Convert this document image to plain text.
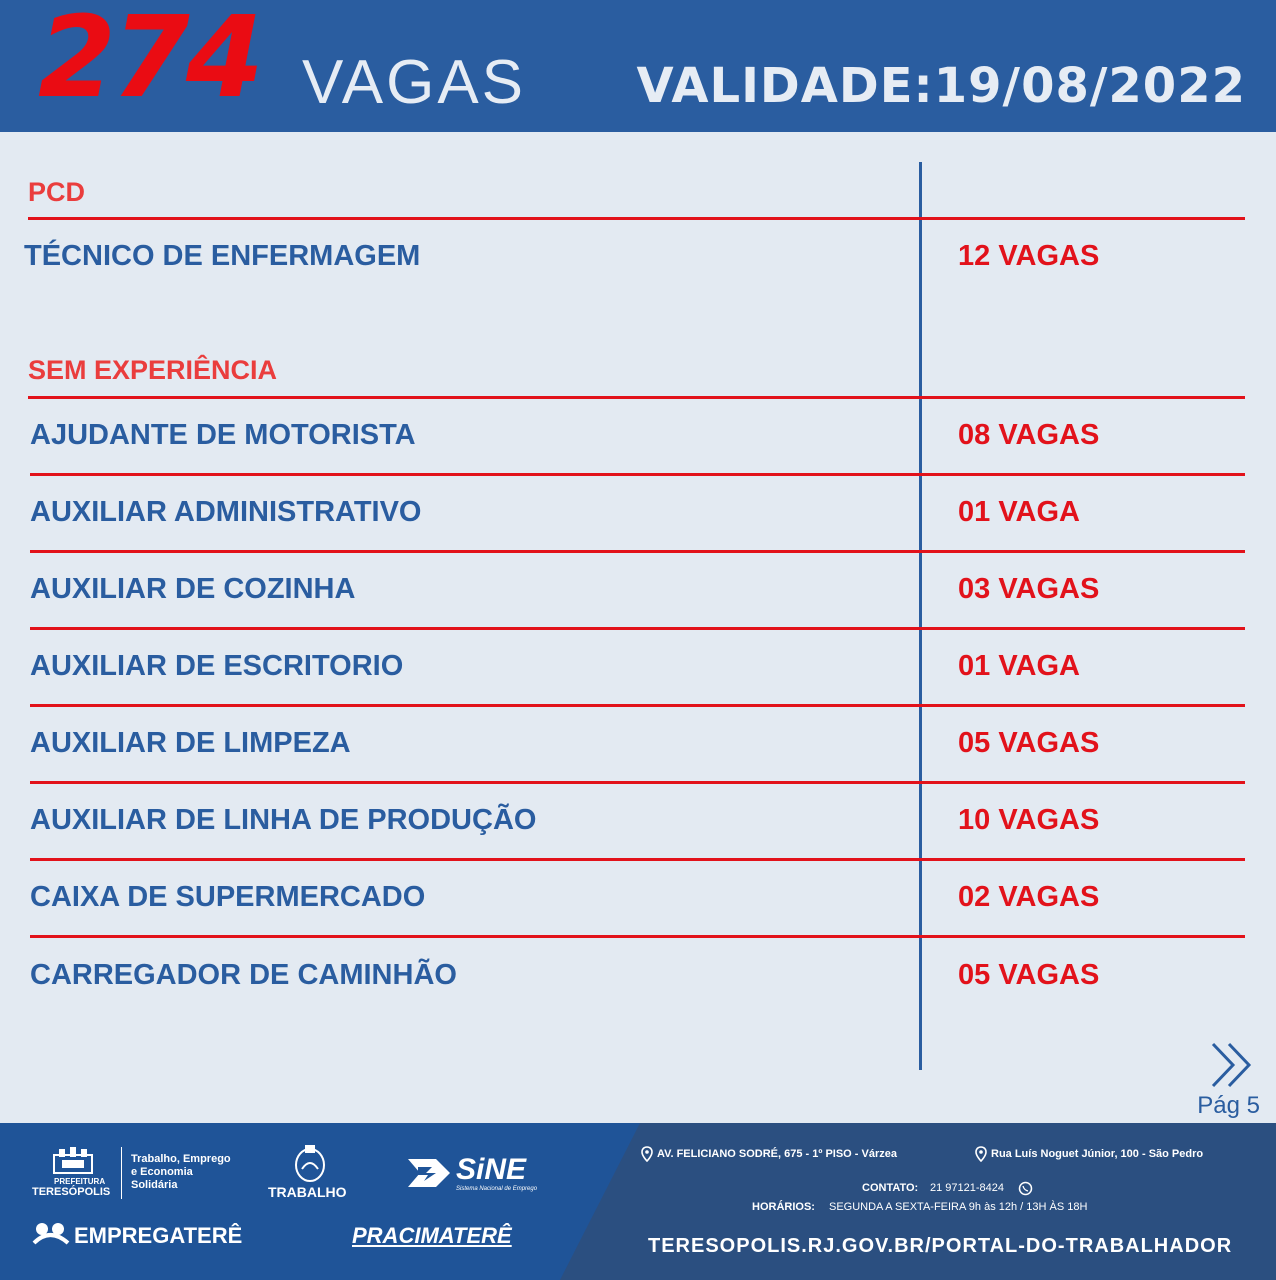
274 VAGAS VALIDADE:19/08/2022
PCD
TÉCNICO DE ENFERMAGEM	12 VAGAS
SEM EXPERIÊNCIA
AJUDANTE DE MOTORISTA	08 VAGAS
AUXILIAR ADMINISTRATIVO	01 VAGA
AUXILIAR DE COZINHA	03 VAGAS
AUXILIAR DE ESCRITORIO	01 VAGA
AUXILIAR DE LIMPEZA	05 VAGAS
AUXILIAR DE LINHA DE PRODUÇÃO	10 VAGAS
CAIXA DE SUPERMERCADO	02 VAGAS
CARREGADOR DE CAMINHÃO	05 VAGAS
Pág 5
PREFEITURA
TERESÓPOLIS
Trabalho, Emprego
e Economia
Solidária	TRABALHO
SiNE
Sistema Nacional de Emprego
EMPREGATERÊ	PRACIMATERÊ
AV. FELICIANO SODRÉ, 675 - 1º PISO - Várzea	Rua Luís Noguet Júnior, 100 - São Pedro
CONTATO: 21 97121-8424
HORÁRIOS: SEGUNDA A SEXTA-FEIRA 9h às 12h / 13H ÀS 18H
TERESOPOLIS.RJ.GOV.BR/PORTAL-DO-TRABALHADOR
